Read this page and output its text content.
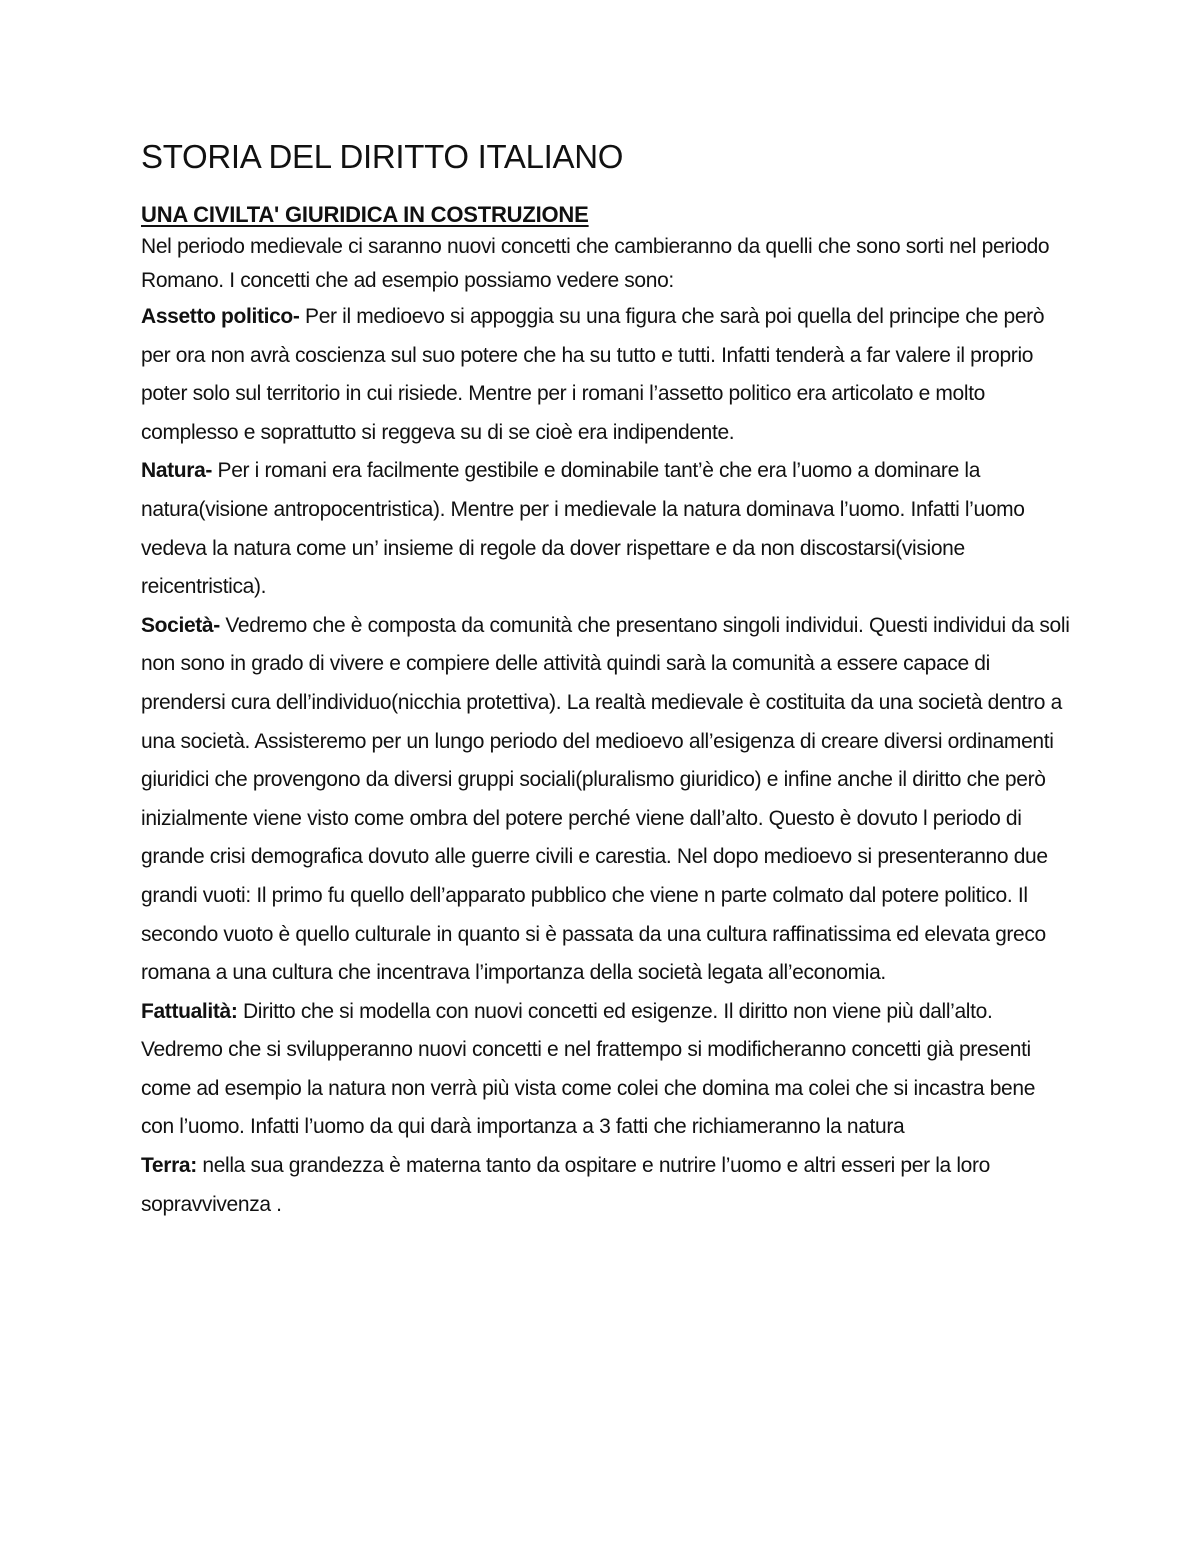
STORIA DEL DIRITTO ITALIANO
UNA CIVILTA' GIURIDICA IN COSTRUZIONE

Nel periodo medievale ci saranno nuovi concetti che cambieranno da quelli che sono sorti nel periodo Romano. I concetti che ad esempio possiamo vedere sono:

Assetto politico- Per il medioevo si appoggia su una figura che sarà poi quella del principe che però per ora non avrà coscienza sul suo potere che ha su tutto e tutti. Infatti tenderà a far valere il proprio poter solo sul territorio in cui risiede. Mentre per i romani l’assetto politico era articolato e molto complesso e soprattutto si reggeva su di se cioè era indipendente.

Natura- Per i romani era facilmente gestibile e dominabile tant’è che era l’uomo a dominare la natura(visione antropocentristica). Mentre per i medievale la natura dominava l’uomo. Infatti l’uomo vedeva la natura come un’ insieme di regole da dover rispettare e da non discostarsi(visione reicentristica).

Società- Vedremo che è composta da comunità che presentano singoli individui. Questi individui da soli non sono in grado di vivere e compiere delle attività quindi sarà la comunità a essere capace di prendersi cura dell’individuo(nicchia protettiva). La realtà medievale è costituita da una società dentro a una società. Assisteremo per un lungo periodo del medioevo all’esigenza di creare diversi ordinamenti giuridici che provengono da diversi gruppi sociali(pluralismo giuridico) e infine anche il diritto che però inizialmente viene visto come ombra del potere perché viene dall’alto. Questo è dovuto l periodo di grande crisi demografica dovuto alle guerre civili e carestia. Nel dopo medioevo si presenteranno due grandi vuoti: Il primo fu quello dell’apparato pubblico che viene n parte colmato dal potere politico. Il secondo vuoto è quello culturale in quanto si è passata da una cultura raffinatissima ed elevata greco romana a una cultura che incentrava l’importanza della società legata all’economia.

Fattualità: Diritto che si modella con nuovi concetti ed esigenze. Il diritto non viene più dall’alto. Vedremo che si svilupperanno nuovi concetti e nel frattempo si modificheranno concetti già presenti come ad esempio la natura non verrà più vista come colei che domina ma colei che si incastra bene con l’uomo. Infatti l’uomo da qui darà importanza a 3 fatti che richiameranno la natura

Terra: nella sua grandezza è materna tanto da ospitare e nutrire l’uomo e altri esseri per la loro sopravvivenza .
